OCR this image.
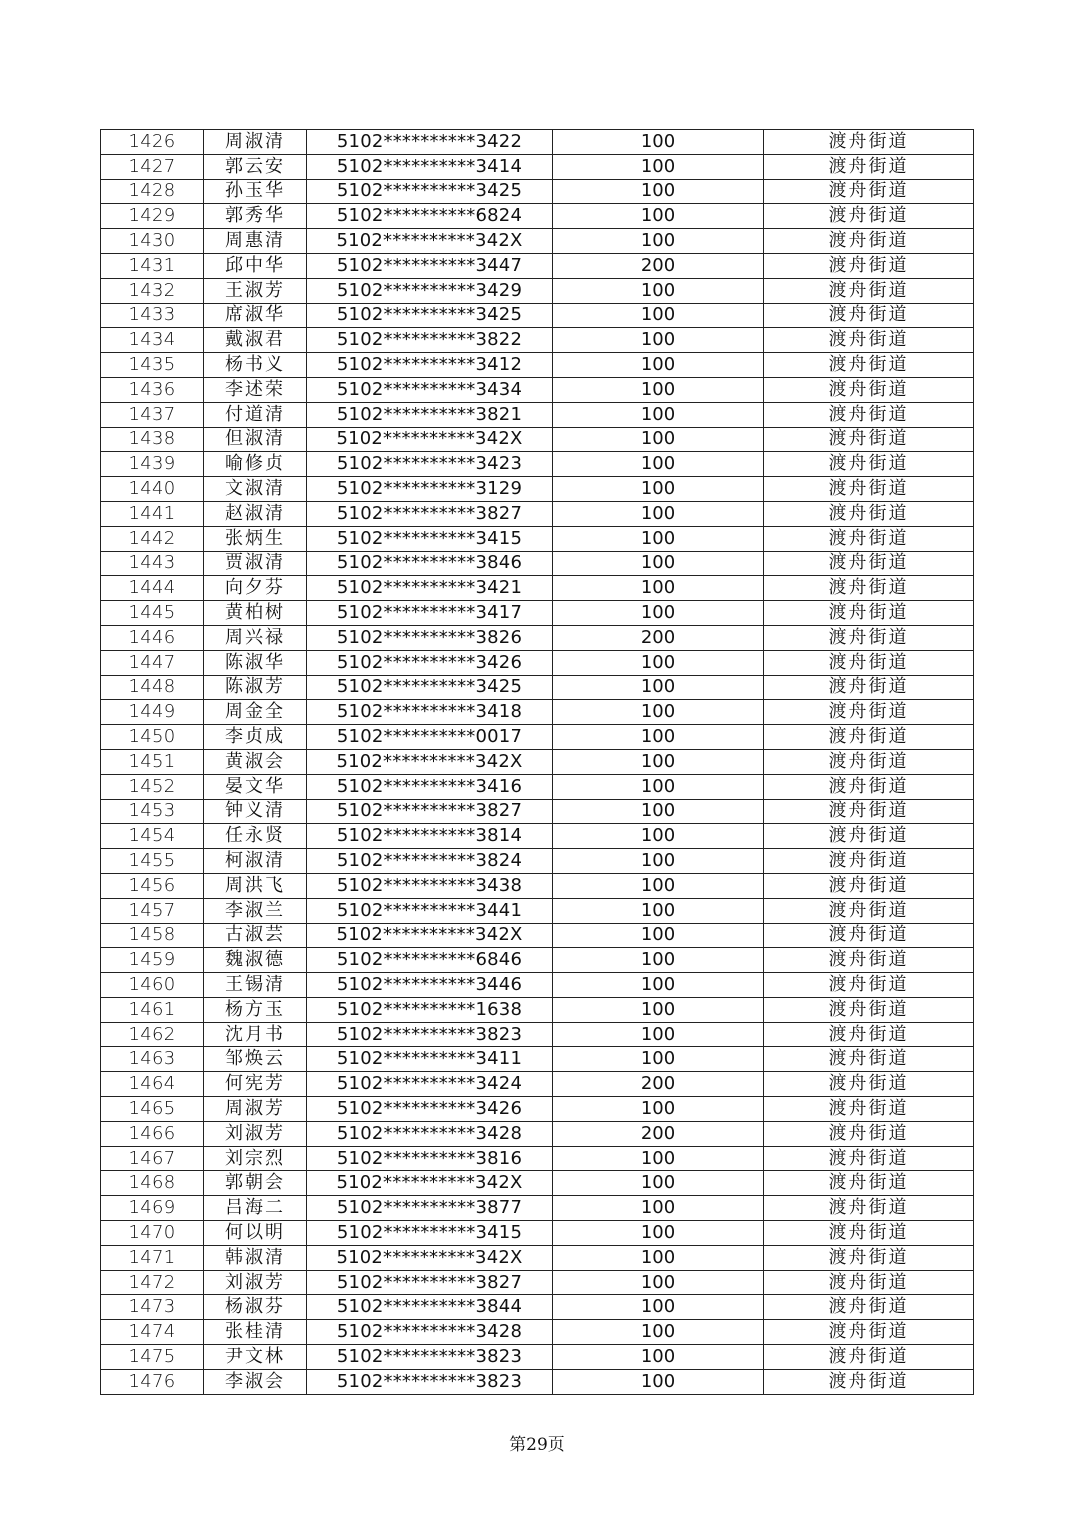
1426	周淑清	5102**********3422	100	渡舟街道
1427	郭云安	5102**********3414	100	渡舟街道
1428	孙玉华	5102**********3425	100	渡舟街道
1429	郭秀华	5102**********6824	100	渡舟街道
1430	周惠清	5102**********342X	100	渡舟街道
1431	邱中华	5102**********3447	200	渡舟街道
1432	王淑芳	5102**********3429	100	渡舟街道
1433	席淑华	5102**********3425	100	渡舟街道
1434	戴淑君	5102**********3822	100	渡舟街道
1435	杨书义	5102**********3412	100	渡舟街道
1436	李述荣	5102**********3434	100	渡舟街道
1437	付道清	5102**********3821	100	渡舟街道
1438	但淑清	5102**********342X	100	渡舟街道
1439	喻修贞	5102**********3423	100	渡舟街道
1440	文淑清	5102**********3129	100	渡舟街道
1441	赵淑清	5102**********3827	100	渡舟街道
1442	张炳生	5102**********3415	100	渡舟街道
1443	贾淑清	5102**********3846	100	渡舟街道
1444	向夕芬	5102**********3421	100	渡舟街道
1445	黄柏树	5102**********3417	100	渡舟街道
1446	周兴禄	5102**********3826	200	渡舟街道
1447	陈淑华	5102**********3426	100	渡舟街道
1448	陈淑芳	5102**********3425	100	渡舟街道
1449	周金全	5102**********3418	100	渡舟街道
1450	李贞成	5102**********0017	100	渡舟街道
1451	黄淑会	5102**********342X	100	渡舟街道
1452	晏文华	5102**********3416	100	渡舟街道
1453	钟义清	5102**********3827	100	渡舟街道
1454	任永贤	5102**********3814	100	渡舟街道
1455	柯淑清	5102**********3824	100	渡舟街道
1456	周洪飞	5102**********3438	100	渡舟街道
1457	李淑兰	5102**********3441	100	渡舟街道
1458	古淑芸	5102**********342X	100	渡舟街道
1459	魏淑德	5102**********6846	100	渡舟街道
1460	王锡清	5102**********3446	100	渡舟街道
1461	杨方玉	5102**********1638	100	渡舟街道
1462	沈月书	5102**********3823	100	渡舟街道
1463	邹焕云	5102**********3411	100	渡舟街道
1464	何宪芳	5102**********3424	200	渡舟街道
1465	周淑芳	5102**********3426	100	渡舟街道
1466	刘淑芳	5102**********3428	200	渡舟街道
1467	刘宗烈	5102**********3816	100	渡舟街道
1468	郭朝会	5102**********342X	100	渡舟街道
1469	吕海二	5102**********3877	100	渡舟街道
1470	何以明	5102**********3415	100	渡舟街道
1471	韩淑清	5102**********342X	100	渡舟街道
1472	刘淑芳	5102**********3827	100	渡舟街道
1473	杨淑芬	5102**********3844	100	渡舟街道
1474	张桂清	5102**********3428	100	渡舟街道
1475	尹文林	5102**********3823	100	渡舟街道
1476	李淑会	5102**********3823	100	渡舟街道
第29页
